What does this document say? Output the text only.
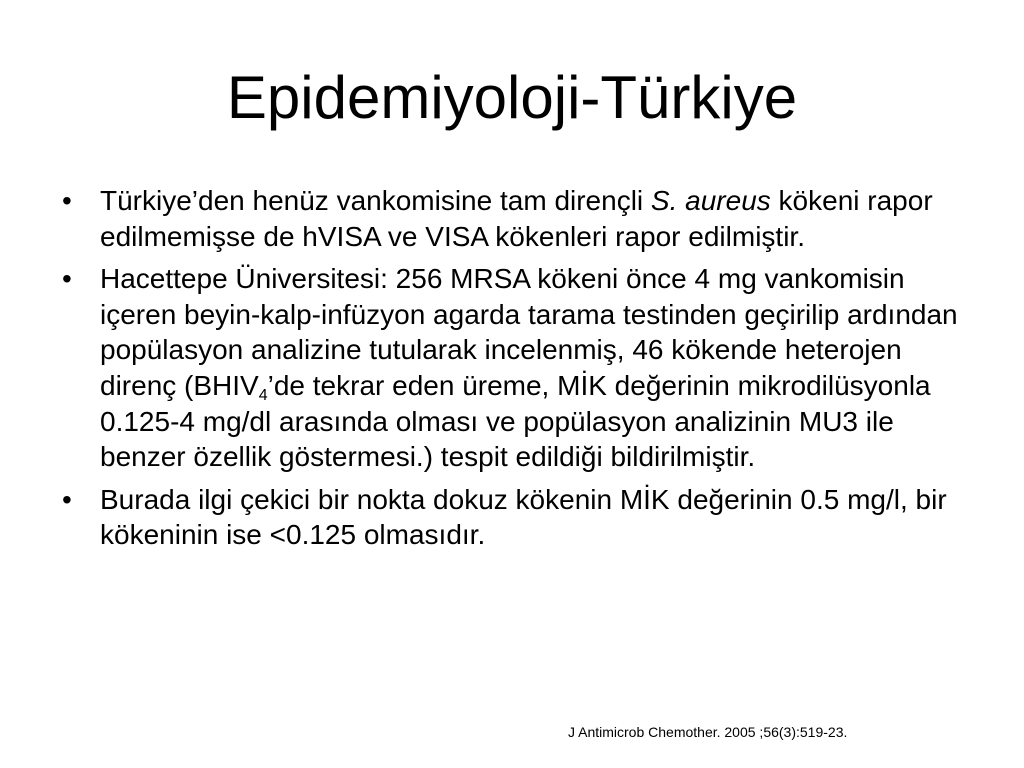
Epidemiyoloji-Türkiye
•	Türkiye’den henüz vankomisine tam dirençli S. aureus kökeni rapor edilmemişse de hVISA ve VISA kökenleri rapor edilmiştir.
•	Hacettepe Üniversitesi: 256 MRSA kökeni önce 4 mg vankomisin içeren beyin-kalp-infüzyon agarda tarama testinden geçirilip ardından popülasyon analizine tutularak incelenmiş, 46 kökende heterojen direnç ($BHIV_4’de$ tekrar eden üreme, MİK değerinin mikrodilüsyonla 0.125-4 mg/dl arasında olması ve popülasyon analizinin MU3 ile benzer özellik göstermesi.) tespit edildiği bildirilmiştir.
•	Burada ilgi çekici bir nokta dokuz kökenin MİK değerinin 0.5 mg/l, bir kökeninin ise <0.125 olmasıdır.
J Antimicrob Chemother. 2005 ;56(3):519-23.
